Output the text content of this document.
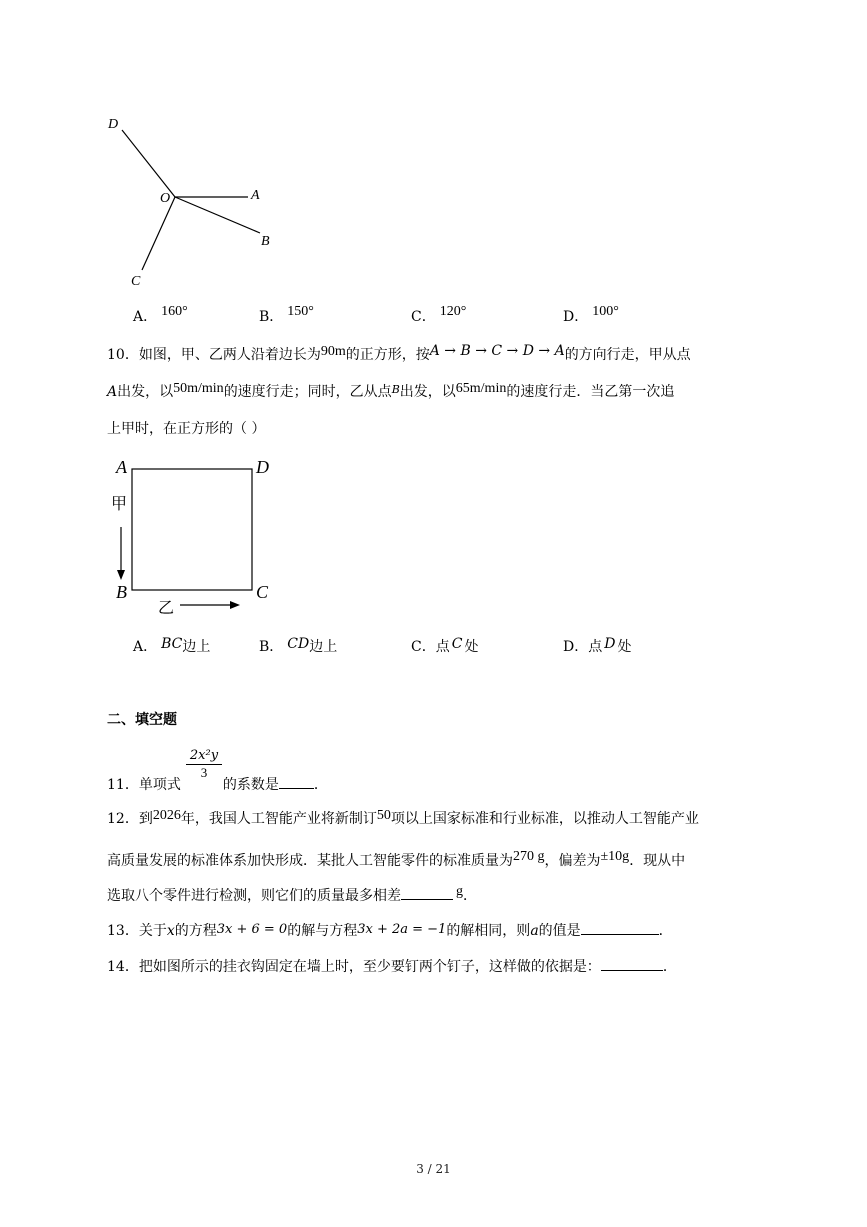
D
O	A
B
C
A． 160°	B． 150°	C． 120°	D． 100°
10．如图，甲、乙两人沿着边长为90m的正方形，按A → B → C → D → A的方向行走，甲从点
A出发，以50m/min的速度行走；同时，乙从点$^B$出发，以65m/min的速度行走．当乙第一次追
上甲时，在正方形的（ ）
A	D
B	C
甲
乙
A． BC边上	B． CD边上	C．点 C 处	D．点 D 处
二、填空题
2x²y
3
11．单项式	的系数是	．
12．到2026年，我国人工智能产业将新制订50项以上国家标准和行业标准，以推动人工智能产业
高质量发展的标准体系加快形成．某批人工智能零件的标准质量为270 g，偏差为±10g．现从中
选取八个零件进行检测，则它们的质量最多相差	g．
13．关于x的方程3x + 6 = 0的解与方程3x + 2a = −1的解相同，则a的值是	．
14．把如图所示的挂衣钩固定在墙上时，至少要钉两个钉子，这样做的依据是：	．
3 / 21
